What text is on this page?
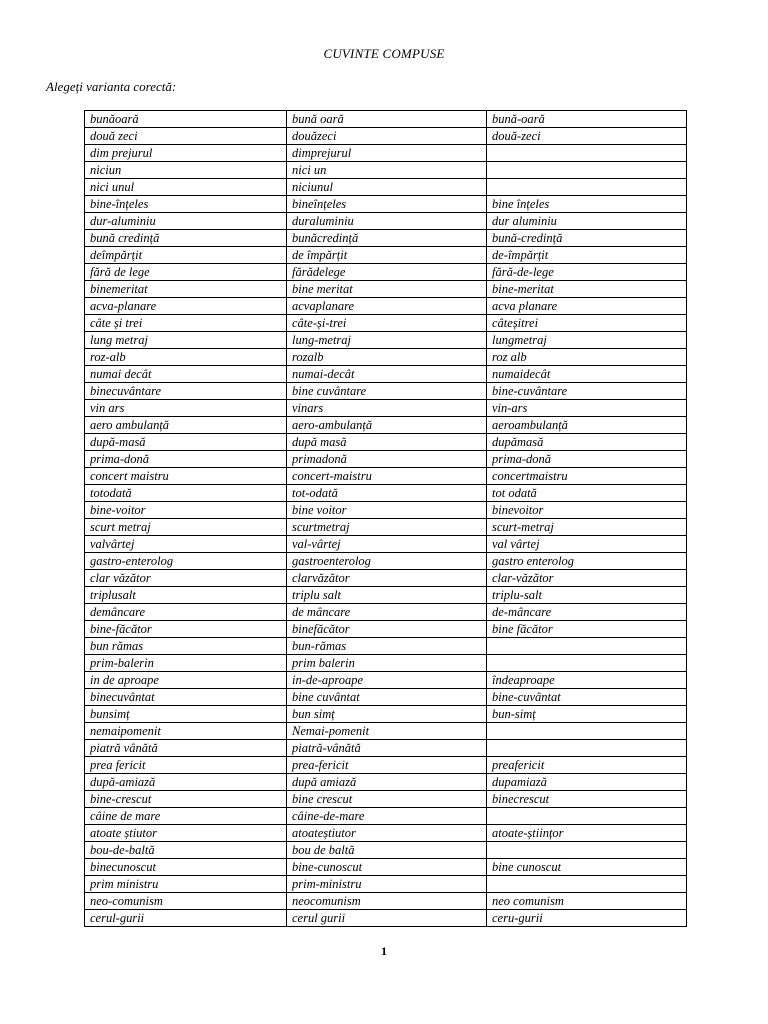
CUVINTE COMPUSE
Alegeți varianta corectă:
bunăoară	bună oară	bună-oară
două zeci	douăzeci	două-zeci
dim prejurul	dimprejurul	
niciun	nici un	
nici unul	niciunul	
bine-înțeles	bineînțeles	bine înțeles
dur-aluminiu	duraluminiu	dur aluminiu
bună credință	bunăcredință	bună-credință
deîmpărțit	de împărțit	de-împărțit
fără de lege	fărădelege	fără-de-lege
binemeritat	bine meritat	bine-meritat
acva-planare	acvaplanare	acva planare
câte și trei	câte-și-trei	câteșitrei
lung metraj	lung-metraj	lungmetraj
roz-alb	rozalb	roz alb
numai decât	numai-decât	numaidecât
binecuvântare	bine cuvântare	bine-cuvântare
vin ars	vinars	vin-ars
aero ambulanță	aero-ambulanță	aeroambulanță
după-masă	după masă	dupămasă
prima-donă	primadonă	prima-donă
concert maistru	concert-maistru	concertmaistru
totodată	tot-odată	tot odată
bine-voitor	bine voitor	binevoitor
scurt metraj	scurtmetraj	scurt-metraj
valvârtej	val-vârtej	val vârtej
gastro-enterolog	gastroenterolog	gastro enterolog
clar văzător	clarvăzător	clar-văzător
triplusalt	triplu salt	triplu-salt
demâncare	de mâncare	de-mâncare
bine-făcător	binefăcător	bine făcător
bun rămas	bun-rămas	
prim-balerin	prim balerin	
in de aproape	in-de-aproape	îndeaproape
binecuvântat	bine cuvântat	bine-cuvântat
bunsimț	bun simț	bun-simț
nemaipomenit	Nemai-pomenit	
piatră vânătă	piatră-vânătă	
prea fericit	prea-fericit	preafericit
după-amiază	după amiază	dupamiază
bine-crescut	bine crescut	binecrescut
câine de mare	câine-de-mare	
atoate știutor	atoateștiutor	atoate-științor
bou-de-baltă	bou de baltă	
binecunoscut	bine-cunoscut	bine cunoscut
prim ministru	prim-ministru	
neo-comunism	neocomunism	neo comunism
cerul-gurii	cerul gurii	ceru-gurii
1
